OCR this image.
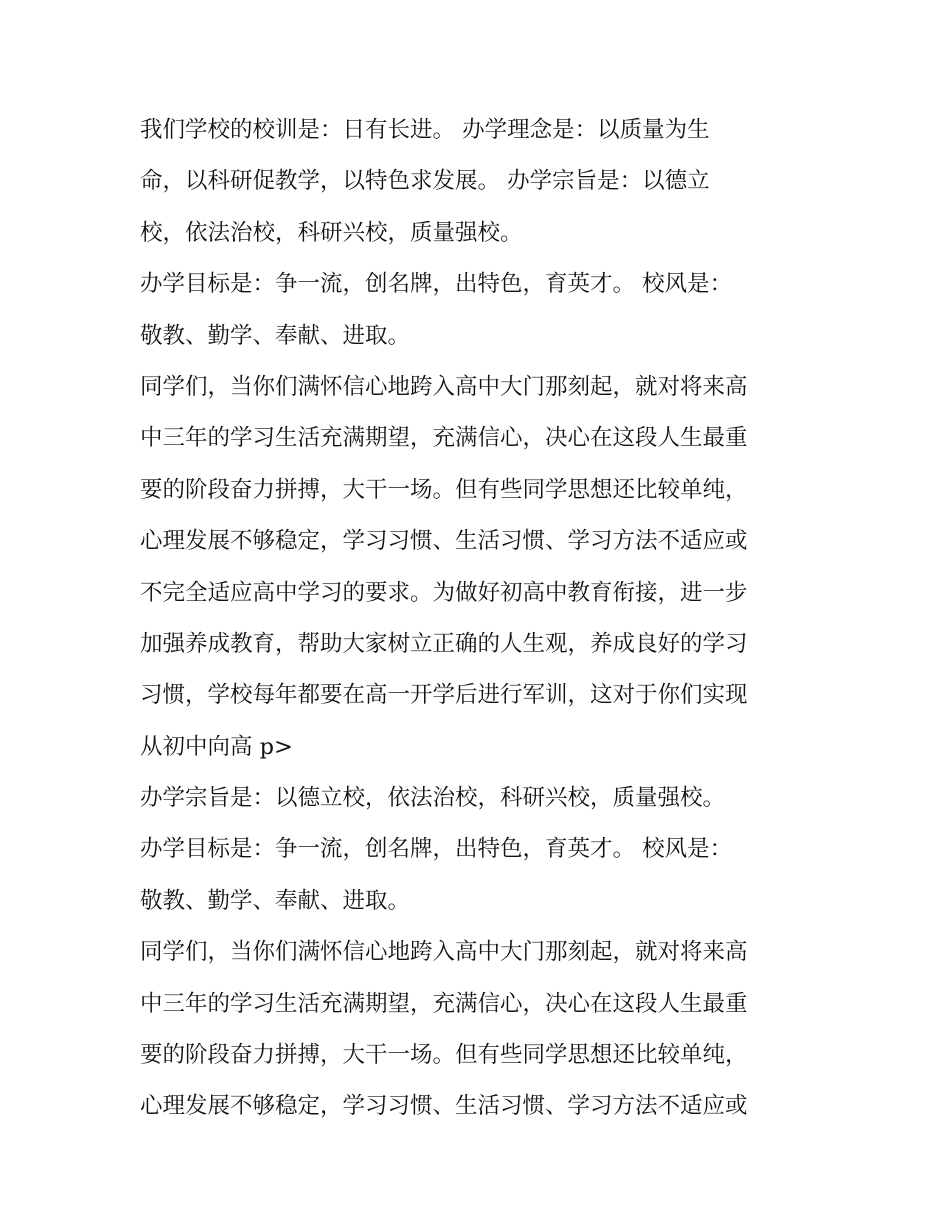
我们学校的校训是：日有长进。 办学理念是：以质量为生
命，以科研促教学，以特色求发展。 办学宗旨是：以德立
校，依法治校，科研兴校，质量强校。
办学目标是：争一流，创名牌，出特色，育英才。 校风是：
敬教、勤学、奉献、进取。
同学们，当你们满怀信心地跨入高中大门那刻起，就对将来高
中三年的学习生活充满期望，充满信心，决心在这段人生最重
要的阶段奋力拼搏，大干一场。但有些同学思想还比较单纯，
心理发展不够稳定，学习习惯、生活习惯、学习方法不适应或
不完全适应高中学习的要求。为做好初高中教育衔接，进一步
加强养成教育，帮助大家树立正确的人生观，养成良好的学习
习惯，学校每年都要在高一开学后进行军训，这对于你们实现
从初中向高 p>
办学宗旨是：以德立校，依法治校，科研兴校，质量强校。
办学目标是：争一流，创名牌，出特色，育英才。 校风是：
敬教、勤学、奉献、进取。
同学们，当你们满怀信心地跨入高中大门那刻起，就对将来高
中三年的学习生活充满期望，充满信心，决心在这段人生最重
要的阶段奋力拼搏，大干一场。但有些同学思想还比较单纯，
心理发展不够稳定，学习习惯、生活习惯、学习方法不适应或
